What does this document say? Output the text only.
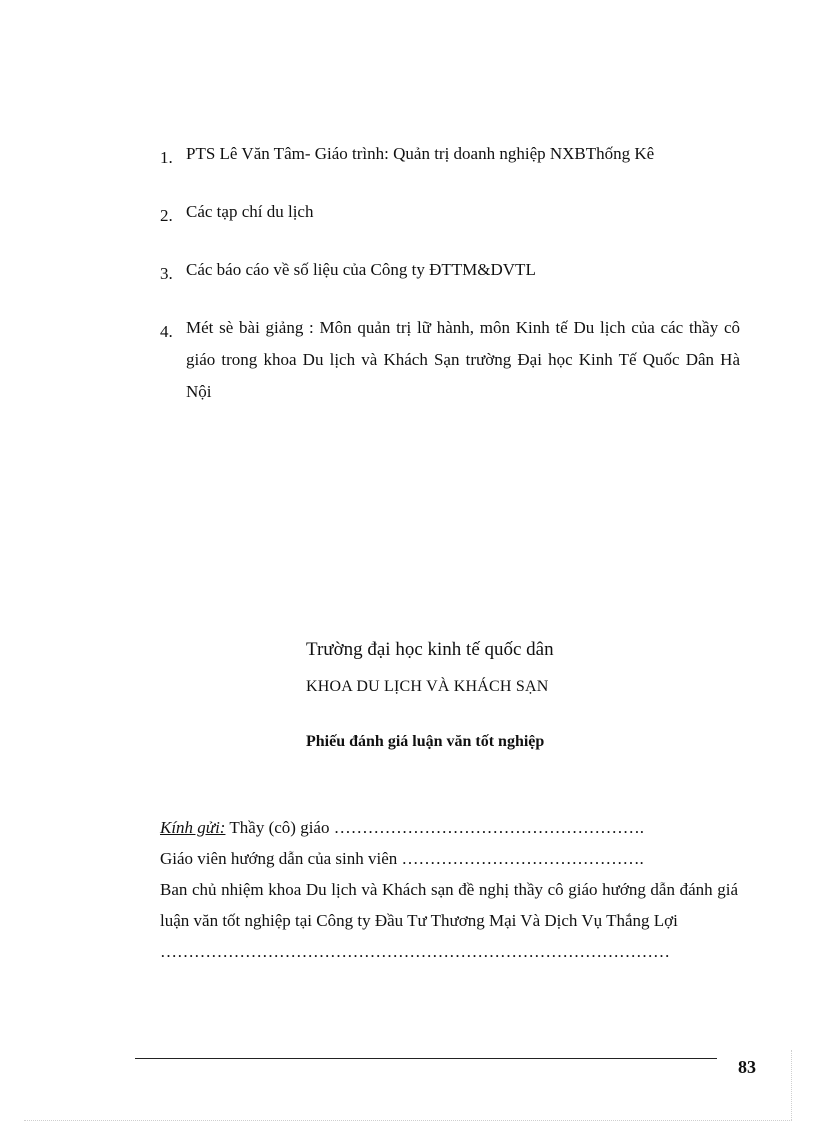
1. PTS Lê Văn Tâm- Giáo trình: Quản trị doanh nghiệp NXBThống Kê
2. Các tạp chí du lịch
3. Các báo cáo về số liệu của Công ty ĐTTM&DVTL
4. Mét sè bài giảng : Môn quản trị lữ hành, môn Kinh tế Du lịch của các thầy cô giáo trong khoa Du lịch và Khách Sạn trường Đại học Kinh Tế Quốc Dân Hà Nội
Trường đại học kinh tế quốc dân
KHOA DU LỊCH VÀ KHÁCH SẠN
Phiếu đánh giá luận văn tốt nghiệp

Kính gửi: Thầy (cô) giáo ……………………………………………….

Giáo viên hướng dẫn của sinh viên …………………………………….

Ban chủ nhiệm khoa Du lịch và Khách sạn đề nghị thầy cô giáo hướng dẫn đánh giá luận văn tốt nghiệp tại Công ty Đầu Tư Thương Mại Và Dịch Vụ Thắng Lợi

………………………………………………………………………………

83
